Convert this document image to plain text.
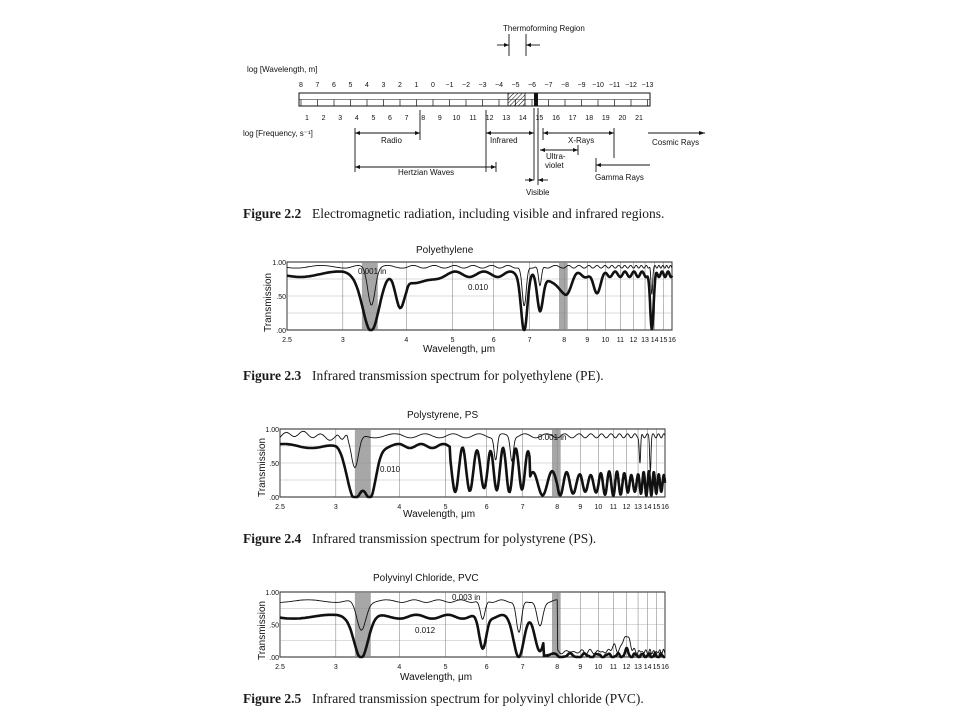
Thermoforming Region
log [Wavelength, m]
8 7 6 5 4 3 2 1 0 −1 −2 −3 −4 −5 −6 −7 −8 −9 −10 −11 −12 −13
log [Frequency, s⁻¹]
1 2 3 4 5 6 7 8 9 10 11 12 13 14 15 16 17 18 19 20 21
Radio	Infrared	X-Rays	Cosmic Rays
Ultra-
violet
Hertzian Waves
Gamma Rays
Visible
Figure 2.2 Electromagnetic radiation, including visible and infrared regions.
Polyethylene
Transmission
1.00
.50
.00
2.5	3	4	5	6	7	8	9 10 11 12 13 14 15 16
0.001 in
0.010
Wavelength, μm
Figure 2.3 Infrared transmission spectrum for polyethylene (PE).
Polystyrene, PS
Transmission
1.00
.50
.00
2.5	3	4	5	6	7	8	9 10 11 12 13 14 15 16
0.001 in
0.010
Wavelength, μm
Figure 2.4 Infrared transmission spectrum for polystyrene (PS).
Polyvinyl Chloride, PVC
Transmission
1.00
.50
.00
2.5	3	4	5	6	7	8	9 10 11 12 13 14 15 16
0.003 in
0.012
Wavelength, μm
Figure 2.5 Infrared transmission spectrum for polyvinyl chloride (PVC).
